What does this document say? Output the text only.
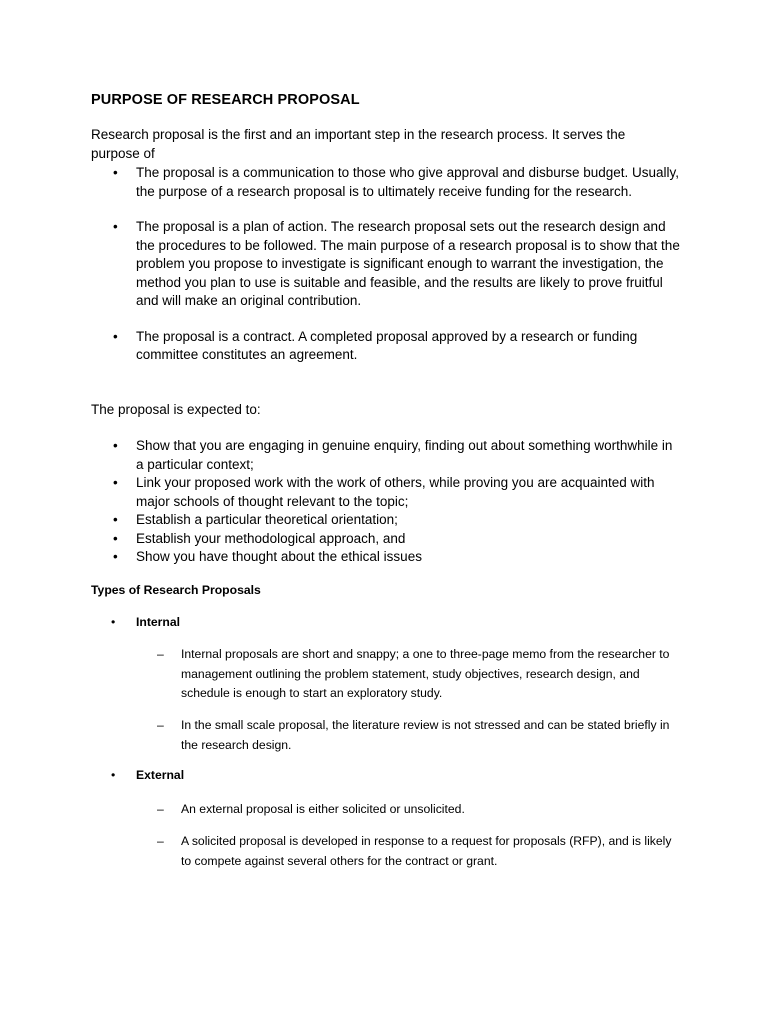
PURPOSE OF RESEARCH PROPOSAL

Research proposal is the first and an important step in the research process. It serves the purpose of

• The proposal is a communication to those who give approval and disburse budget. Usually, the purpose of a research proposal is to ultimately receive funding for the research.
• The proposal is a plan of action. The research proposal sets out the research design and the procedures to be followed. The main purpose of a research proposal is to show that the problem you propose to investigate is significant enough to warrant the investigation, the method you plan to use is suitable and feasible, and the results are likely to prove fruitful and will make an original contribution.
• The proposal is a contract. A completed proposal approved by a research or funding committee constitutes an agreement.

The proposal is expected to:

• Show that you are engaging in genuine enquiry, finding out about something worthwhile in a particular context;
• Link your proposed work with the work of others, while proving you are acquainted with major schools of thought relevant to the topic;
• Establish a particular theoretical orientation;
• Establish your methodological approach, and
• Show you have thought about the ethical issues

Types of Research Proposals

• Internal
– Internal proposals are short and snappy; a one to three-page memo from the researcher to management outlining the problem statement, study objectives, research design, and schedule is enough to start an exploratory study.
– In the small scale proposal, the literature review is not stressed and can be stated briefly in the research design.
• External
– An external proposal is either solicited or unsolicited.
– A solicited proposal is developed in response to a request for proposals (RFP), and is likely to compete against several others for the contract or grant.
